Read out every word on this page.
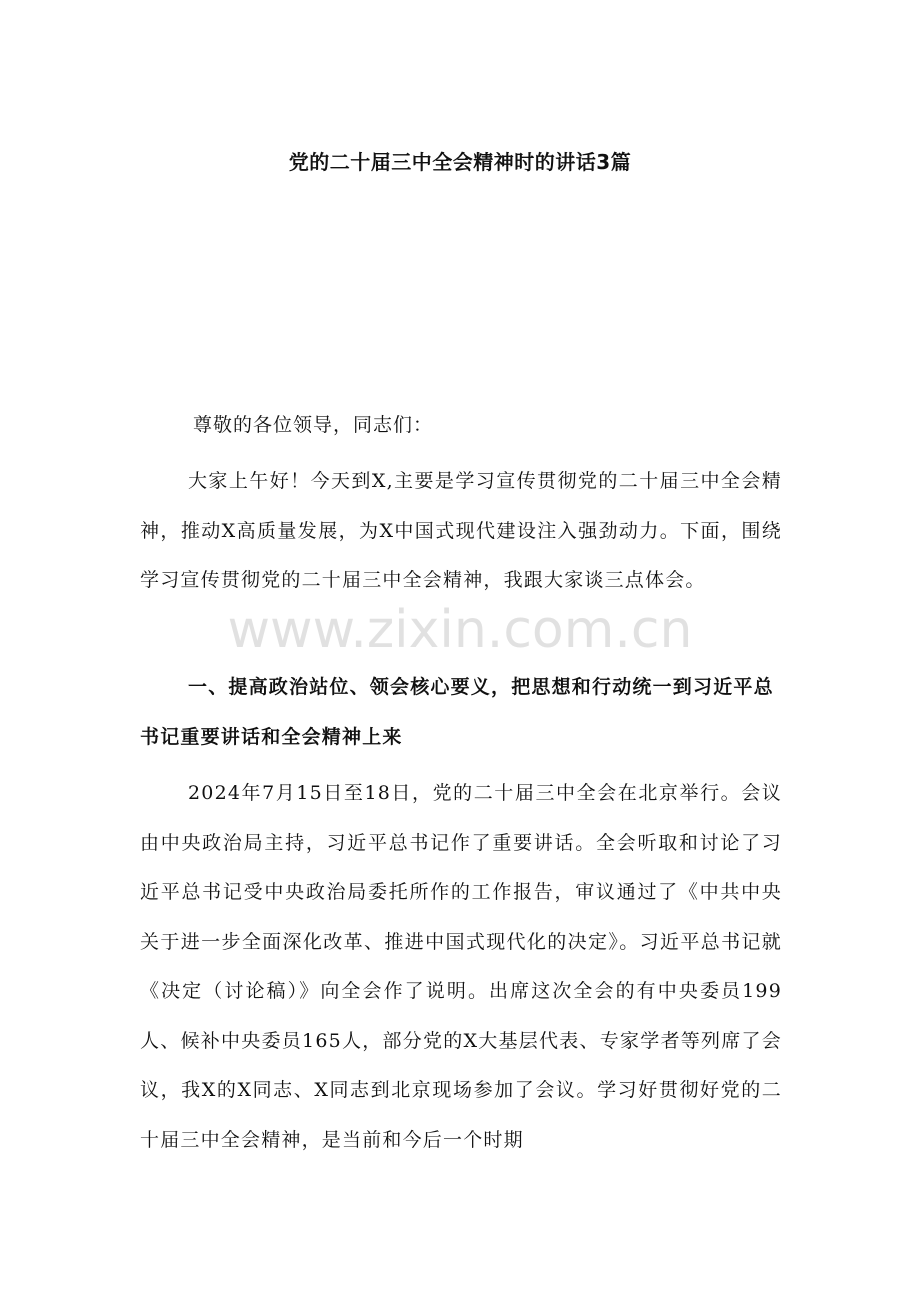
党的二十届三中全会精神时的讲话3篇
尊敬的各位领导，同志们：

大家上午好！今天到X,主要是学习宣传贯彻党的二十届三中全会精神，推动X高质量发展，为X中国式现代建设注入强劲动力。下面，围绕学习宣传贯彻党的二十届三中全会精神，我跟大家谈三点体会。

一、提高政治站位、领会核心要义，把思想和行动统一到习近平总书记重要讲话和全会精神上来

2024年7月15日至18日，党的二十届三中全会在北京举行。会议由中央政治局主持，习近平总书记作了重要讲话。全会听取和讨论了习近平总书记受中央政治局委托所作的工作报告，审议通过了《中共中央关于进一步全面深化改革、推进中国式现代化的决定》。习近平总书记就《决定（讨论稿）》向全会作了说明。出席这次全会的有中央委员199人、候补中央委员165人，部分党的X大基层代表、专家学者等列席了会议，我X的X同志、X同志到北京现场参加了会议。学习好贯彻好党的二十届三中全会精神，是当前和今后一个时期

www.zixin.com.cn
